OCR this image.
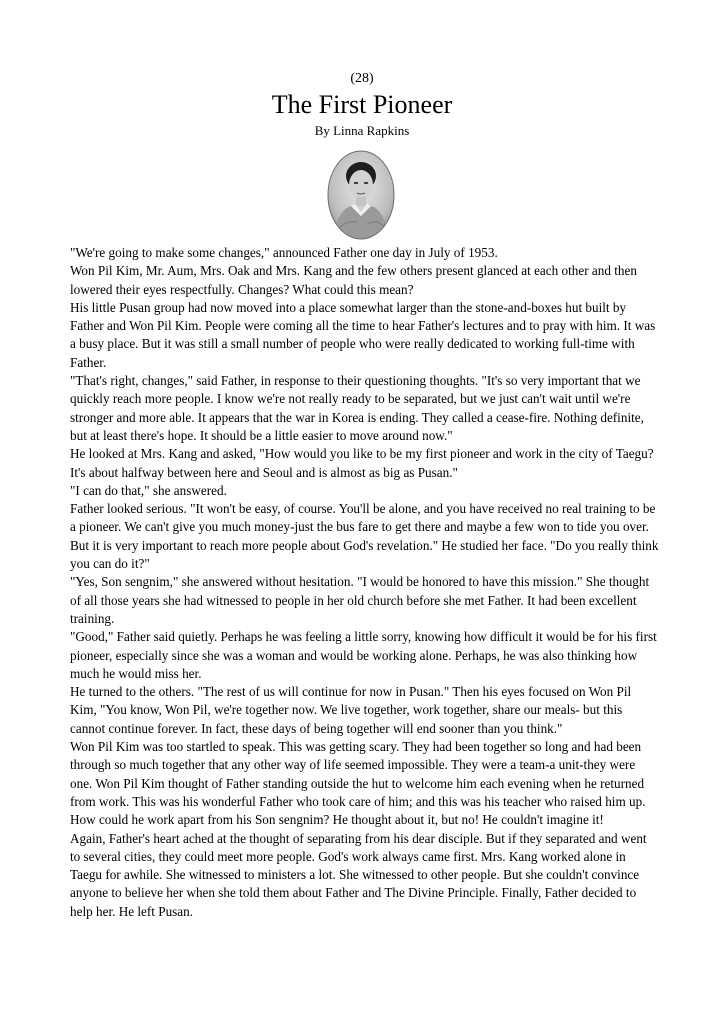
(28)
The First Pioneer
By Linna Rapkins

"We're going to make some changes," announced Father one day in July of 1953.

Won Pil Kim, Mr. Aum, Mrs. Oak and Mrs. Kang and the few others present glanced at each other and then lowered their eyes respectfully. Changes? What could this mean?

His little Pusan group had now moved into a place somewhat larger than the stone-and-boxes hut built by Father and Won Pil Kim. People were coming all the time to hear Father's lectures and to pray with him. It was a busy place. But it was still a small number of people who were really dedicated to working full-time with Father.

"That's right, changes," said Father, in response to their questioning thoughts. "It's so very important that we quickly reach more people. I know we're not really ready to be separated, but we just can't wait until we're stronger and more able. It appears that the war in Korea is ending. They called a cease-fire. Nothing definite, but at least there's hope. It should be a little easier to move around now."

He looked at Mrs. Kang and asked, "How would you like to be my first pioneer and work in the city of Taegu? It's about halfway between here and Seoul and is almost as big as Pusan."

"I can do that," she answered.

Father looked serious. "It won't be easy, of course. You'll be alone, and you have received no real training to be a pioneer. We can't give you much money-just the bus fare to get there and maybe a few won to tide you over. But it is very important to reach more people about God's revelation." He studied her face. "Do you really think you can do it?"

"Yes, Son sengnim," she answered without hesitation. "I would be honored to have this mission." She thought of all those years she had witnessed to people in her old church before she met Father. It had been excellent training.

"Good," Father said quietly. Perhaps he was feeling a little sorry, knowing how difficult it would be for his first pioneer, especially since she was a woman and would be working alone. Perhaps, he was also thinking how much he would miss her.

He turned to the others. "The rest of us will continue for now in Pusan." Then his eyes focused on Won Pil Kim, "You know, Won Pil, we're together now. We live together, work together, share our meals- but this cannot continue forever. In fact, these days of being together will end sooner than you think."

Won Pil Kim was too startled to speak. This was getting scary. They had been together so long and had been through so much together that any other way of life seemed impossible. They were a team-a unit-they were one. Won Pil Kim thought of Father standing outside the hut to welcome him each evening when he returned from work. This was his wonderful Father who took care of him; and this was his teacher who raised him up. How could he work apart from his Son sengnim? He thought about it, but no! He couldn't imagine it!

Again, Father's heart ached at the thought of separating from his dear disciple. But if they separated and went to several cities, they could meet more people. God's work always came first. Mrs. Kang worked alone in Taegu for awhile. She witnessed to ministers a lot. She witnessed to other people. But she couldn't convince anyone to believe her when she told them about Father and The Divine Principle. Finally, Father decided to help her. He left Pusan.
